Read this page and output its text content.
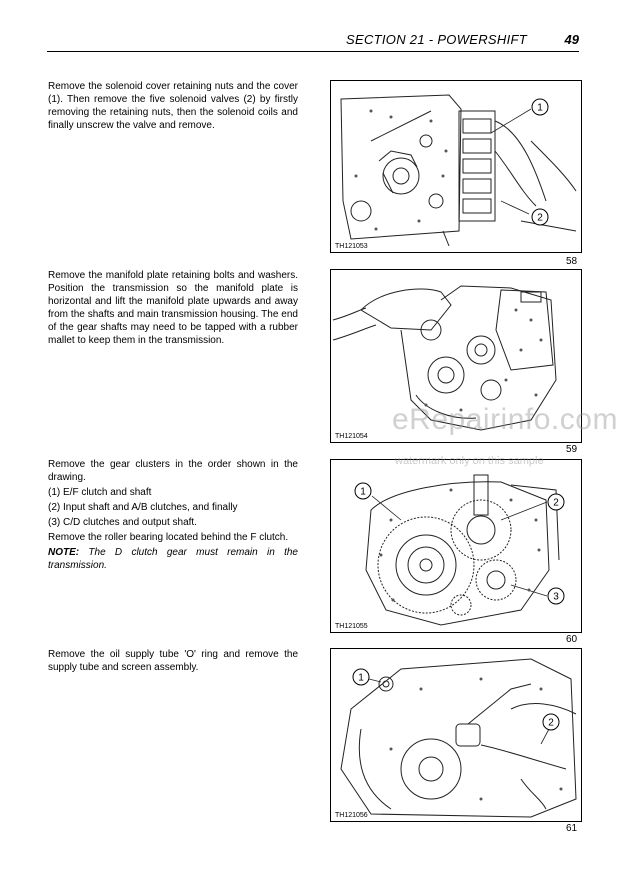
SECTION 21 - POWERSHIFT	49

Remove the solenoid cover retaining nuts and the cover (1). Then remove the five solenoid valves (2) by firstly removing the retaining nuts, then the solenoid coils and finally unscrew the valve and remove.

1
2
TH121053
58

Remove the manifold plate retaining bolts and washers. Position the transmission so the manifold plate is horizontal and lift the manifold plate upwards and away from the shafts and main transmission housing. The end of the gear shafts may need to be tapped with a rubber mallet to keep them in the transmission.

TH121054
59

Remove the gear clusters in the order shown in the drawing.

(1) E/F clutch and shaft

(2) Input shaft and A/B clutches, and finally

(3) C/D clutches and output shaft.

Remove the roller bearing located behind the F clutch.

NOTE: The D clutch gear must remain in the transmission.

1
2
3
TH121055
60

Remove the oil supply tube 'O' ring and remove the supply tube and screen assembly.

1
2
TH121056
61
eRepairinfo.com
watermark only on this sample
